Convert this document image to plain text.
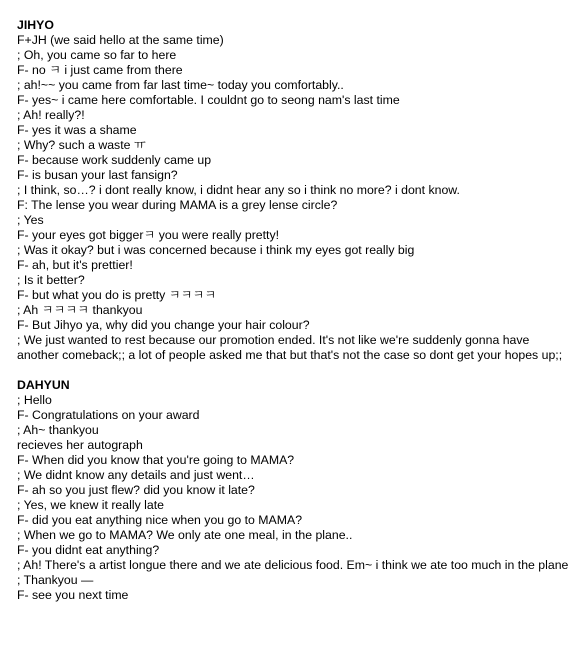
JIHYO
F+JH (we said hello at the same time)
; Oh, you came so far to here
F- no ㅋ i just came from there
; ah!~~ you came from far last time~ today you comfortably..
F- yes~ i came here comfortable. I couldnt go to seong nam's last time
; Ah! really?!
F- yes it was a shame
; Why? such a waste ㅠ
F- because work suddenly came up
F- is busan your last fansign?
; I think, so…? i dont really know, i didnt hear any so i think no more? i dont know.
F: The lense you wear during MAMA is a grey lense circle?
; Yes
F- your eyes got biggerㅋ you were really pretty!
; Was it okay? but i was concerned because i think my eyes got really big
F- ah, but it's prettier!
; Is it better?
F- but what you do is pretty ㅋㅋㅋㅋ
; Ah ㅋㅋㅋㅋ thankyou
F- But Jihyo ya, why did you change your hair colour?
; We just wanted to rest because our promotion ended. It's not like we're suddenly gonna have another comeback;; a lot of people asked me that but that's not the case so dont get your hopes up;;
DAHYUN
; Hello
F- Congratulations on your award
; Ah~ thankyou
recieves her autograph
F- When did you know that you're going to MAMA?
; We didnt know any details and just went…
F- ah so you just flew? did you know it late?
; Yes, we knew it really late
F- did you eat anything nice when you go to MAMA?
; When we go to MAMA? We only ate one meal, in the plane..
F- you didnt eat anything?
; Ah! There's a artist longue there and we ate delicious food. Em~ i think we ate too much in the plane
; Thankyou —
F- see you next time
